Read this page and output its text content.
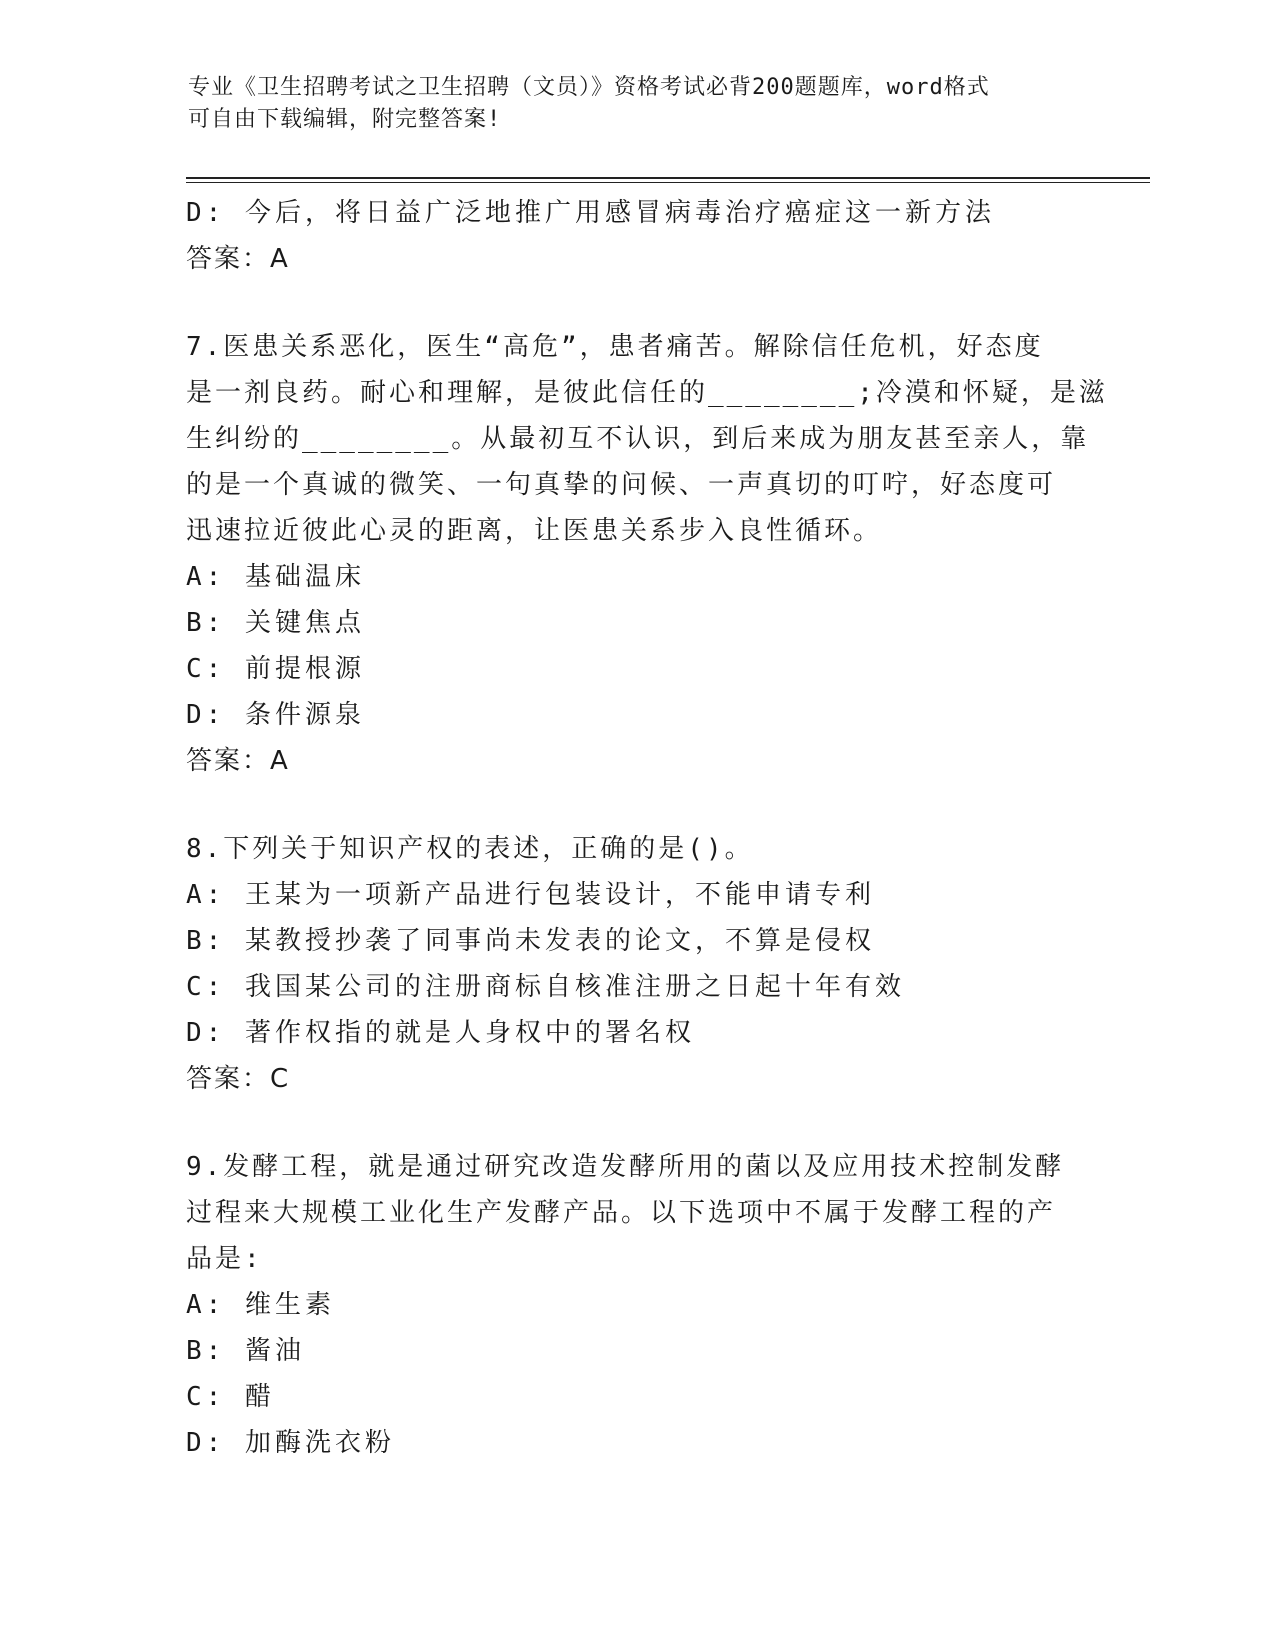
专业《卫生招聘考试之卫生招聘（文员）》资格考试必背200题题库，word格式
可自由下载编辑，附完整答案!
D: 今后，将日益广泛地推广用感冒病毒治疗癌症这一新方法
答案：A
7.医患关系恶化，医生“高危”，患者痛苦。解除信任危机，好态度
是一剂良药。耐心和理解，是彼此信任的________;冷漠和怀疑，是滋
生纠纷的________。从最初互不认识，到后来成为朋友甚至亲人，靠
的是一个真诚的微笑、一句真挚的问候、一声真切的叮咛，好态度可
迅速拉近彼此心灵的距离，让医患关系步入良性循环。
A: 基础温床
B: 关键焦点
C: 前提根源
D: 条件源泉
答案：A
8.下列关于知识产权的表述，正确的是()。
A: 王某为一项新产品进行包装设计，不能申请专利
B: 某教授抄袭了同事尚未发表的论文，不算是侵权
C: 我国某公司的注册商标自核准注册之日起十年有效
D: 著作权指的就是人身权中的署名权
答案：C
9.发酵工程，就是通过研究改造发酵所用的菌以及应用技术控制发酵
过程来大规模工业化生产发酵产品。以下选项中不属于发酵工程的产
品是:
A: 维生素
B: 酱油
C: 醋
D: 加酶洗衣粉
